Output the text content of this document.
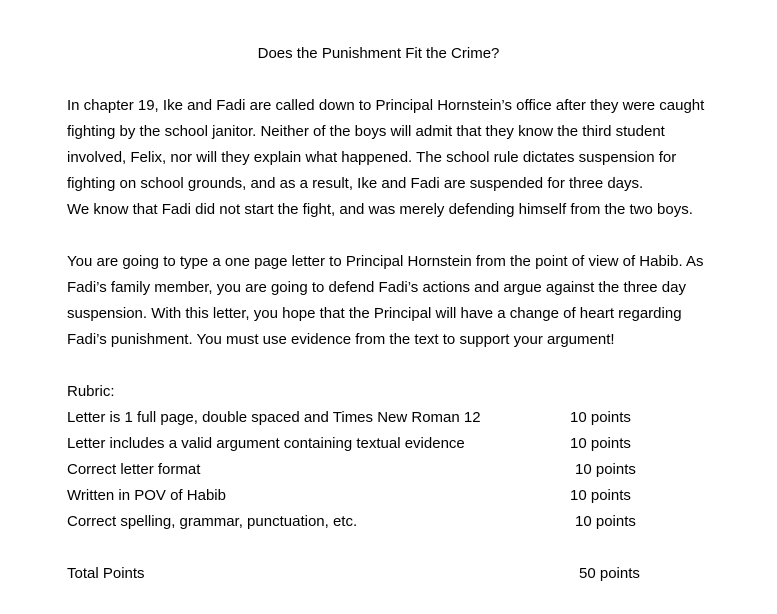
Does the Punishment Fit the Crime?
In chapter 19, Ike and Fadi are called down to Principal Hornstein’s office after they were caught
fighting by the school janitor. Neither of the boys will admit that they know the third student
involved, Felix, nor will they explain what happened. The school rule dictates suspension for
fighting on school grounds, and as a result, Ike and Fadi are suspended for three days.
We know that Fadi did not start the fight, and was merely defending himself from the two boys.
You are going to type a one page letter to Principal Hornstein from the point of view of Habib. As
Fadi’s family member, you are going to defend Fadi’s actions and argue against the three day
suspension. With this letter, you hope that the Principal will have a change of heart regarding
Fadi’s punishment. You must use evidence from the text to support your argument!
Rubric:
Letter is 1 full page, double spaced and Times New Roman 12	10 points
Letter includes a valid argument containing textual evidence	10 points
Correct letter format	10 points
Written in POV of Habib	10 points
Correct spelling, grammar, punctuation, etc.	10 points
Total Points	50 points
